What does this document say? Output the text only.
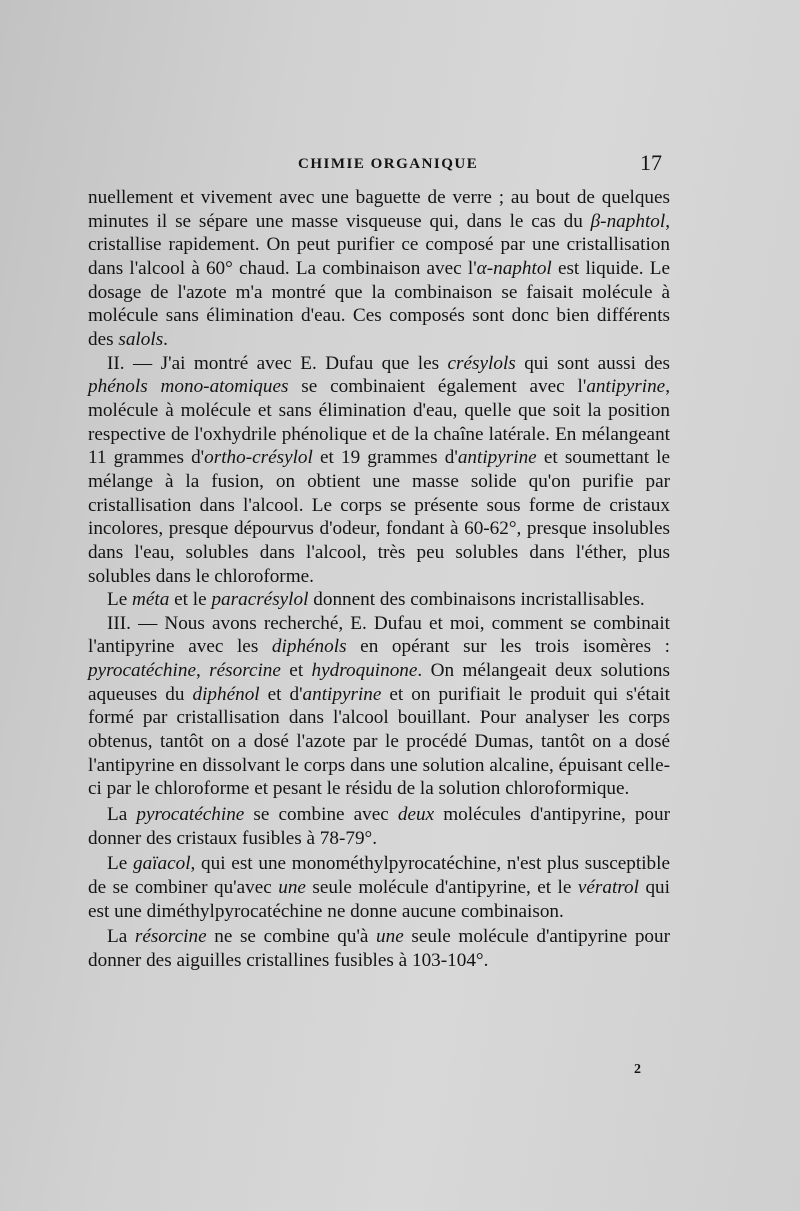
CHIMIE ORGANIQUE	17

nuellement et vivement avec une baguette de verre ; au bout de quelques minutes il se sépare une masse visqueuse qui, dans le cas du β-naphtol, cristallise rapidement. On peut purifier ce composé par une cristallisation dans l'alcool à 60° chaud. La combinaison avec l'α-naphtol est liquide. Le dosage de l'azote m'a montré que la combinaison se faisait molécule à molécule sans élimination d'eau. Ces composés sont donc bien différents des salols.

II. — J'ai montré avec E. Dufau que les crésylols qui sont aussi des phénols mono-atomiques se combinaient également avec l'antipyrine, molécule à molécule et sans élimination d'eau, quelle que soit la position respective de l'oxhydrile phénolique et de la chaîne latérale. En mélangeant 11 grammes d'ortho-crésylol et 19 grammes d'antipyrine et soumettant le mélange à la fusion, on obtient une masse solide qu'on purifie par cristallisation dans l'alcool. Le corps se présente sous forme de cristaux incolores, presque dépourvus d'odeur, fondant à 60-62°, presque insolubles dans l'eau, solubles dans l'alcool, très peu solubles dans l'éther, plus solubles dans le chloroforme.

Le méta et le paracrésylol donnent des combinaisons incristallisables.

III. — Nous avons recherché, E. Dufau et moi, comment se combinait l'antipyrine avec les diphénols en opérant sur les trois isomères : pyrocatéchine, résorcine et hydroquinone. On mélangeait deux solutions aqueuses du diphénol et d'antipyrine et on purifiait le produit qui s'était formé par cristallisation dans l'alcool bouillant. Pour analyser les corps obtenus, tantôt on a dosé l'azote par le procédé Dumas, tantôt on a dosé l'antipyrine en dissolvant le corps dans une solution alcaline, épuisant celle-ci par le chloroforme et pesant le résidu de la solution chloroformique.

La pyrocatéchine se combine avec deux molécules d'antipyrine, pour donner des cristaux fusibles à 78-79°.

Le gaïacol, qui est une monométhylpyrocatéchine, n'est plus susceptible de se combiner qu'avec une seule molécule d'antipyrine, et le vératrol qui est une diméthylpyrocatéchine ne donne aucune combinaison.

La résorcine ne se combine qu'à une seule molécule d'antipyrine pour donner des aiguilles cristallines fusibles à 103-104°.

2
